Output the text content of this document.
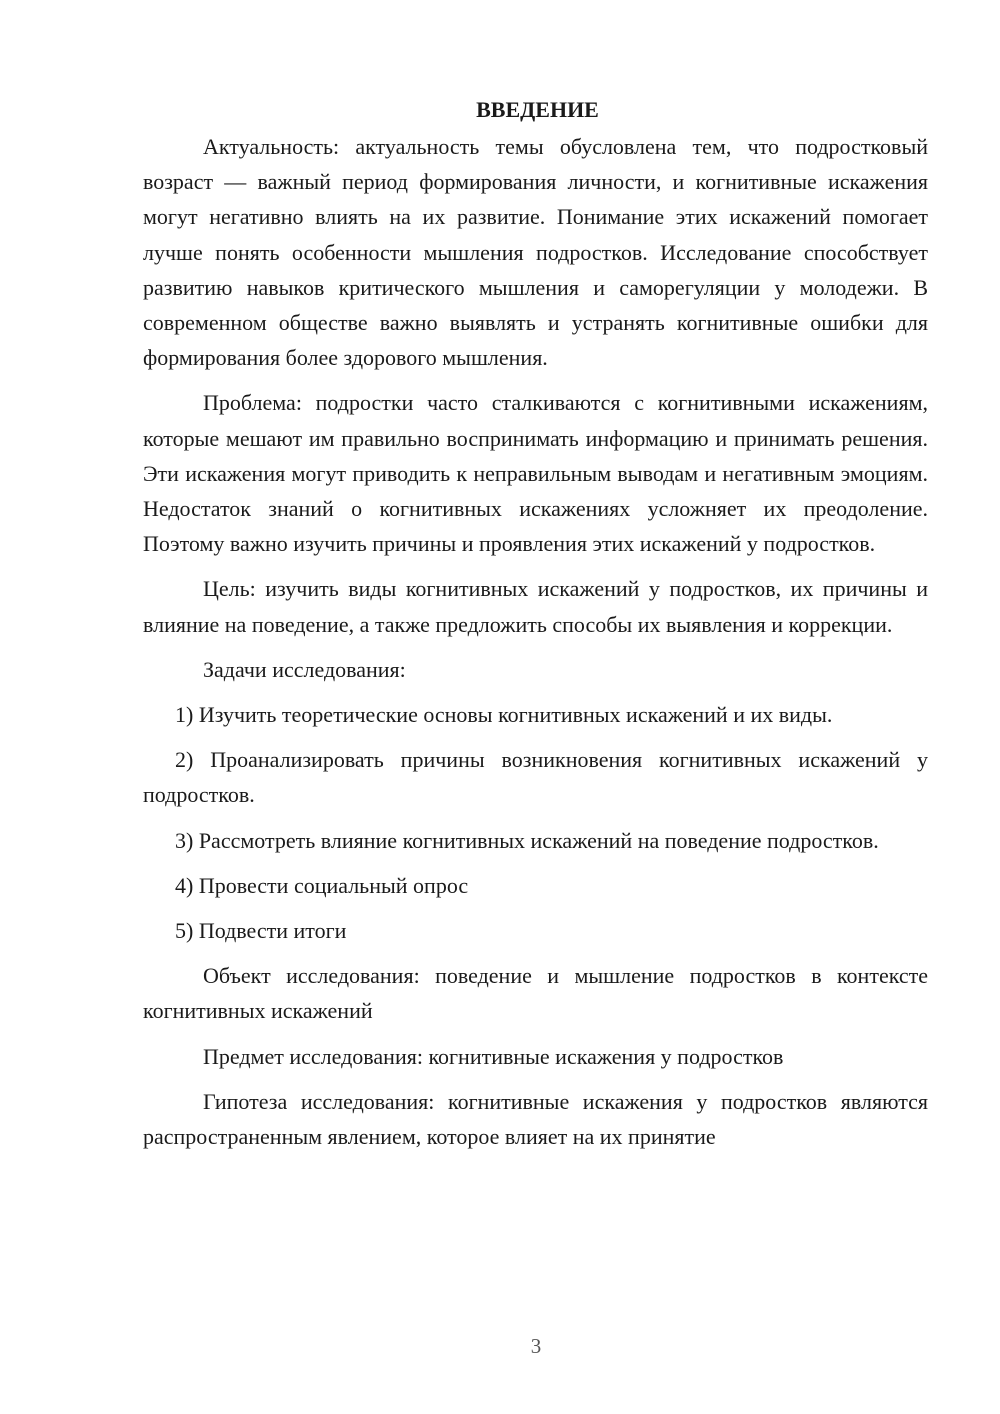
ВВЕДЕНИЕ

Актуальность: актуальность темы обусловлена тем, что подростковый возраст — важный период формирования личности, и когнитивные искажения могут негативно влиять на их развитие. Понимание этих искажений помогает лучше понять особенности мышления подростков. Исследование способствует развитию навыков критического мышления и саморегуляции у молодежи. В современном обществе важно выявлять и устранять когнитивные ошибки для формирования более здорового мышления.

Проблема: подростки часто сталкиваются с когнитивными искажениям, которые мешают им правильно воспринимать информацию и принимать решения. Эти искажения могут приводить к неправильным выводам и негативным эмоциям. Недостаток знаний о когнитивных искажениях усложняет их преодоление. Поэтому важно изучить причины и проявления этих искажений у подростков.

Цель: изучить виды когнитивных искажений у подростков, их причины и влияние на поведение, а также предложить способы их выявления и коррекции.

Задачи исследования:

1) Изучить теоретические основы когнитивных искажений и их виды.

2) Проанализировать причины возникновения когнитивных искажений у подростков.

3) Рассмотреть влияние когнитивных искажений на поведение подростков.

4) Провести социальный опрос

5) Подвести итоги

Объект исследования: поведение и мышление подростков в контексте когнитивных искажений

Предмет исследования: когнитивные искажения у подростков

Гипотеза исследования: когнитивные искажения у подростков являются распространенным явлением, которое влияет на их принятие

3
